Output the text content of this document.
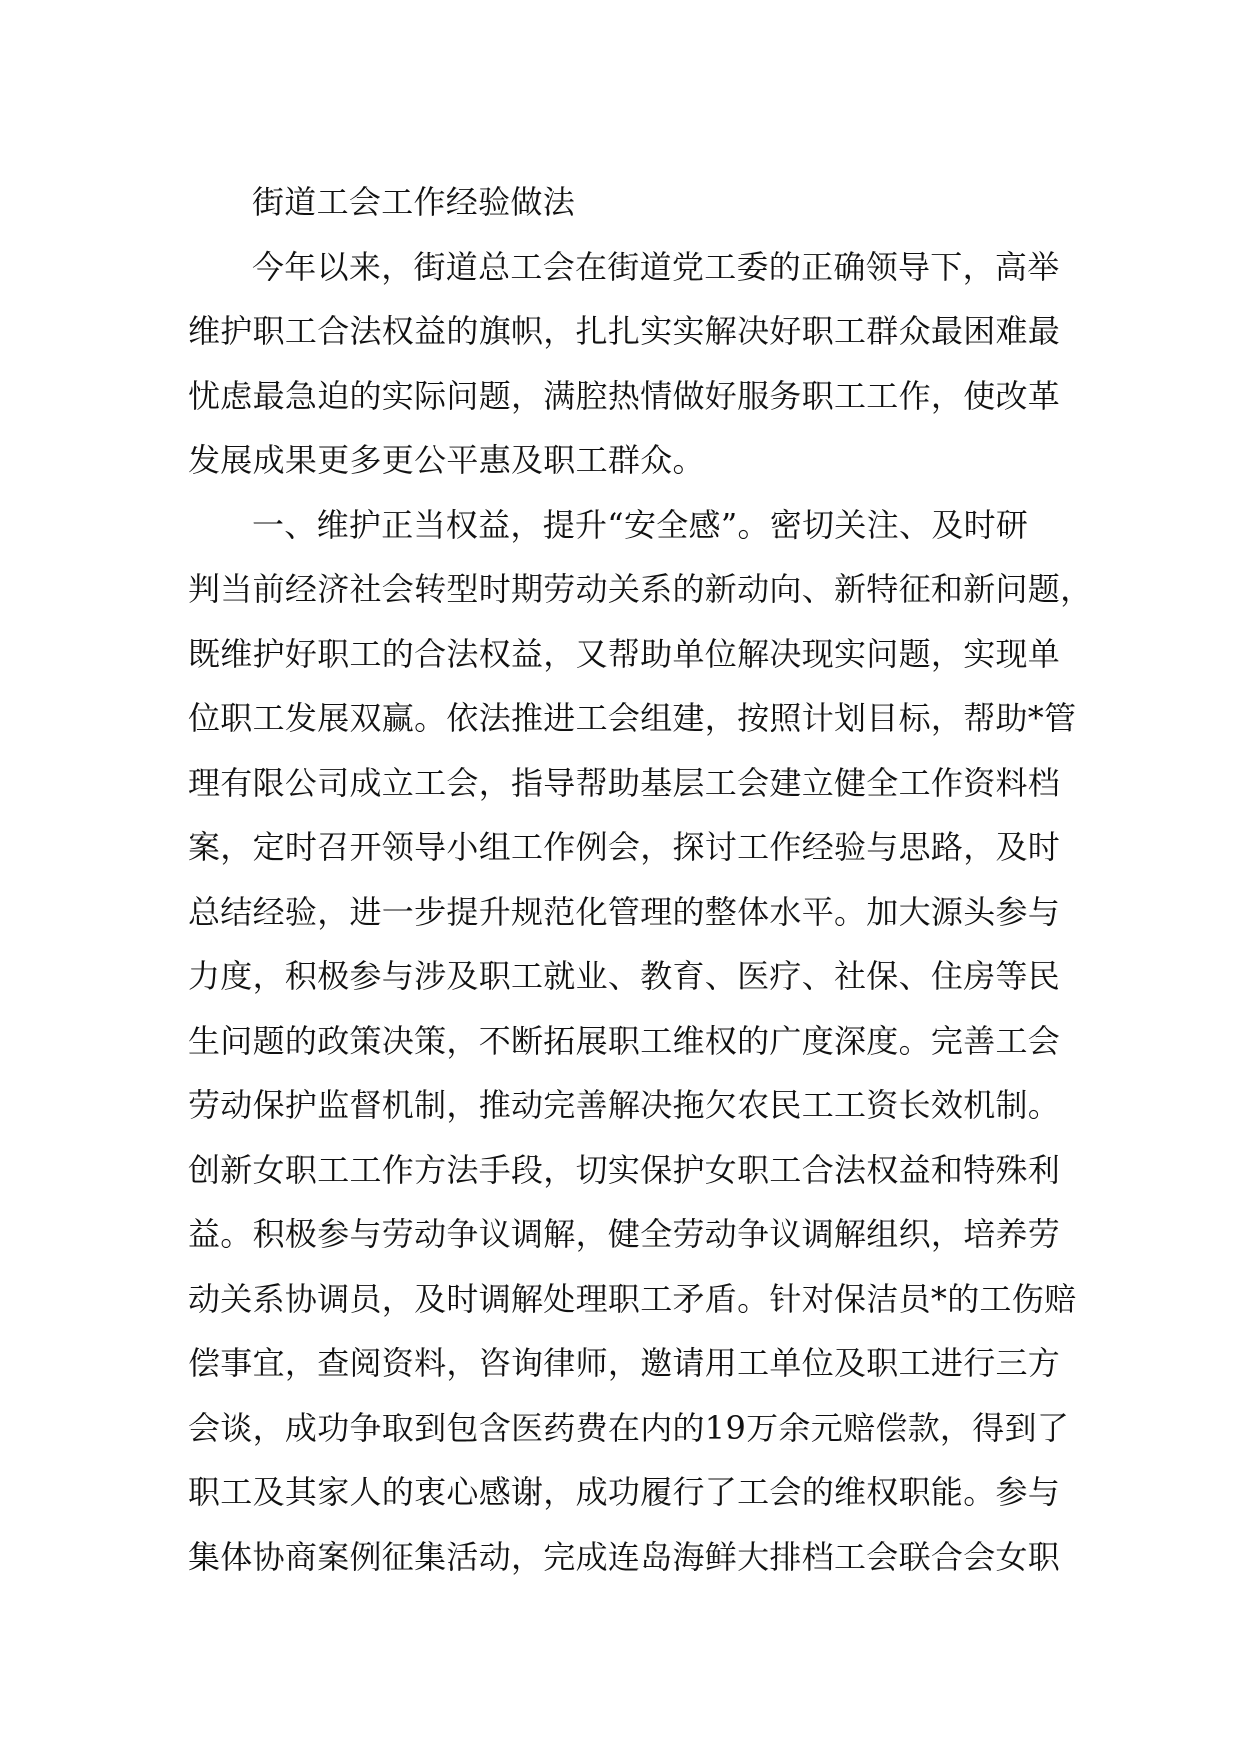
街道工会工作经验做法
今年以来，街道总工会在街道党工委的正确领导下，高举
维护职工合法权益的旗帜，扎扎实实解决好职工群众最困难最
忧虑最急迫的实际问题，满腔热情做好服务职工工作，使改革
发展成果更多更公平惠及职工群众。
一、维护正当权益，提升“安全感”。密切关注、及时研
判当前经济社会转型时期劳动关系的新动向、新特征和新问题，
既维护好职工的合法权益，又帮助单位解决现实问题，实现单
位职工发展双赢。依法推进工会组建，按照计划目标，帮助*管
理有限公司成立工会，指导帮助基层工会建立健全工作资料档
案，定时召开领导小组工作例会，探讨工作经验与思路，及时
总结经验，进一步提升规范化管理的整体水平。加大源头参与
力度，积极参与涉及职工就业、教育、医疗、社保、住房等民
生问题的政策决策，不断拓展职工维权的广度深度。完善工会
劳动保护监督机制，推动完善解决拖欠农民工工资长效机制。
创新女职工工作方法手段，切实保护女职工合法权益和特殊利
益。积极参与劳动争议调解，健全劳动争议调解组织，培养劳
动关系协调员，及时调解处理职工矛盾。针对保洁员*的工伤赔
偿事宜，查阅资料，咨询律师，邀请用工单位及职工进行三方
会谈，成功争取到包含医药费在内的19万余元赔偿款，得到了
职工及其家人的衷心感谢，成功履行了工会的维权职能。参与
集体协商案例征集活动，完成连岛海鲜大排档工会联合会女职
